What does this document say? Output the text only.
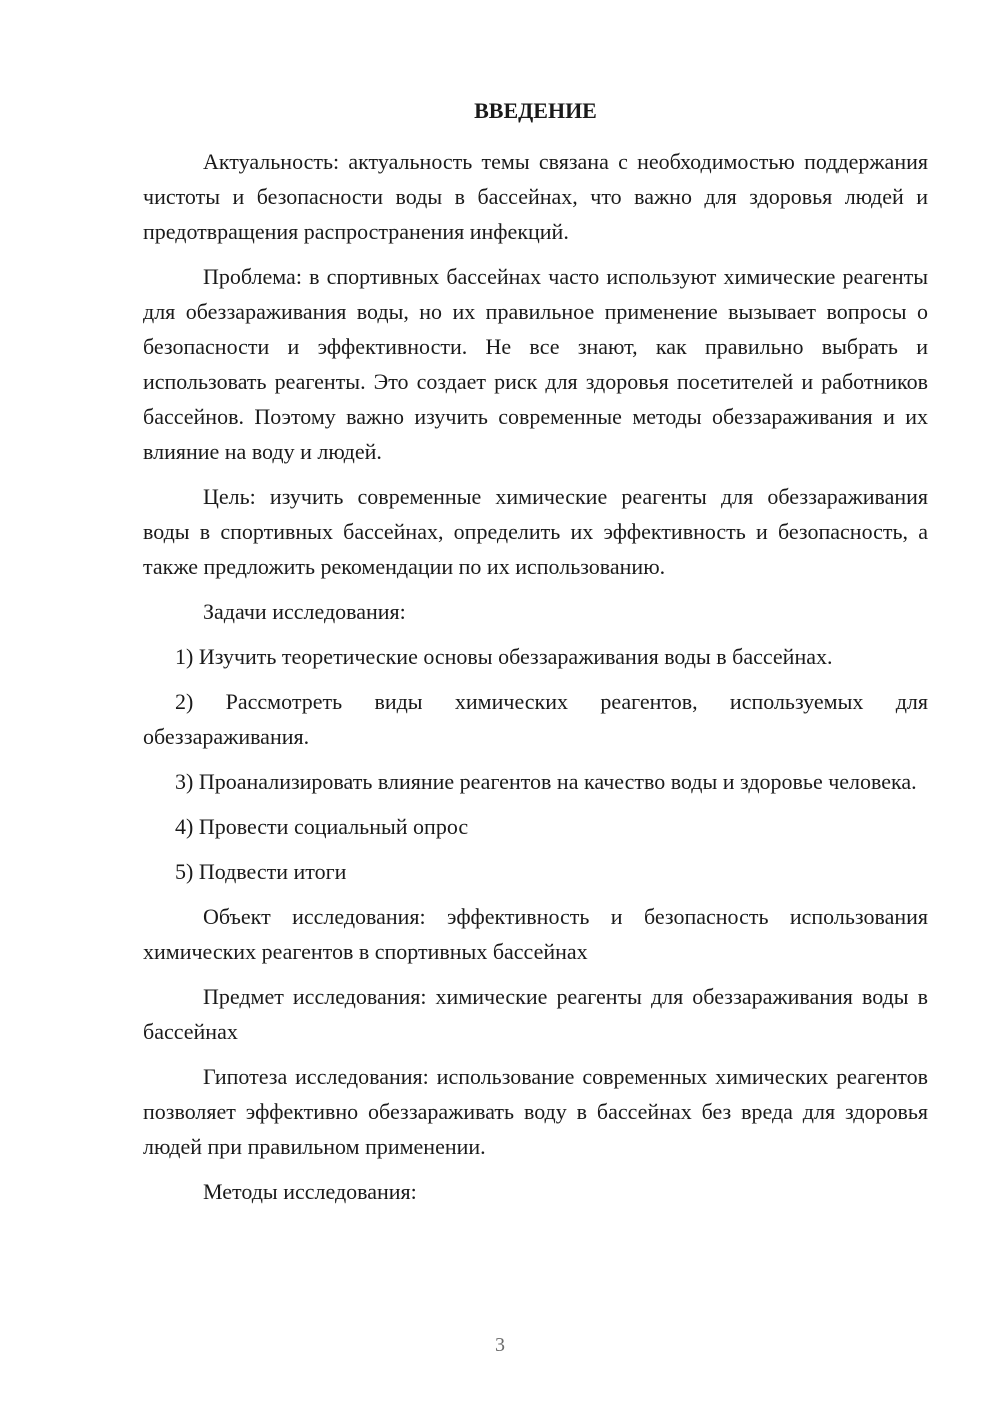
ВВЕДЕНИЕ

Актуальность: актуальность темы связана с необходимостью поддержания чистоты и безопасности воды в бассейнах, что важно для здоровья людей и предотвращения распространения инфекций.

Проблема: в спортивных бассейнах часто используют химические реагенты для обеззараживания воды, но их правильное применение вызывает вопросы о безопасности и эффективности. Не все знают, как правильно выбрать и использовать реагенты. Это создает риск для здоровья посетителей и работников бассейнов. Поэтому важно изучить современные методы обеззараживания и их влияние на воду и людей.

Цель: изучить современные химические реагенты для обеззараживания воды в спортивных бассейнах, определить их эффективность и безопасность, а также предложить рекомендации по их использованию.

Задачи исследования:

1) Изучить теоретические основы обеззараживания воды в бассейнах.

2) Рассмотреть виды химических реагентов, используемых для обеззараживания.

3) Проанализировать влияние реагентов на качество воды и здоровье человека.

4) Провести социальный опрос

5) Подвести итоги

Объект исследования: эффективность и безопасность использования химических реагентов в спортивных бассейнах

Предмет исследования: химические реагенты для обеззараживания воды в бассейнах

Гипотеза исследования: использование современных химических реагентов позволяет эффективно обеззараживать воду в бассейнах без вреда для здоровья людей при правильном применении.

Методы исследования:

3
